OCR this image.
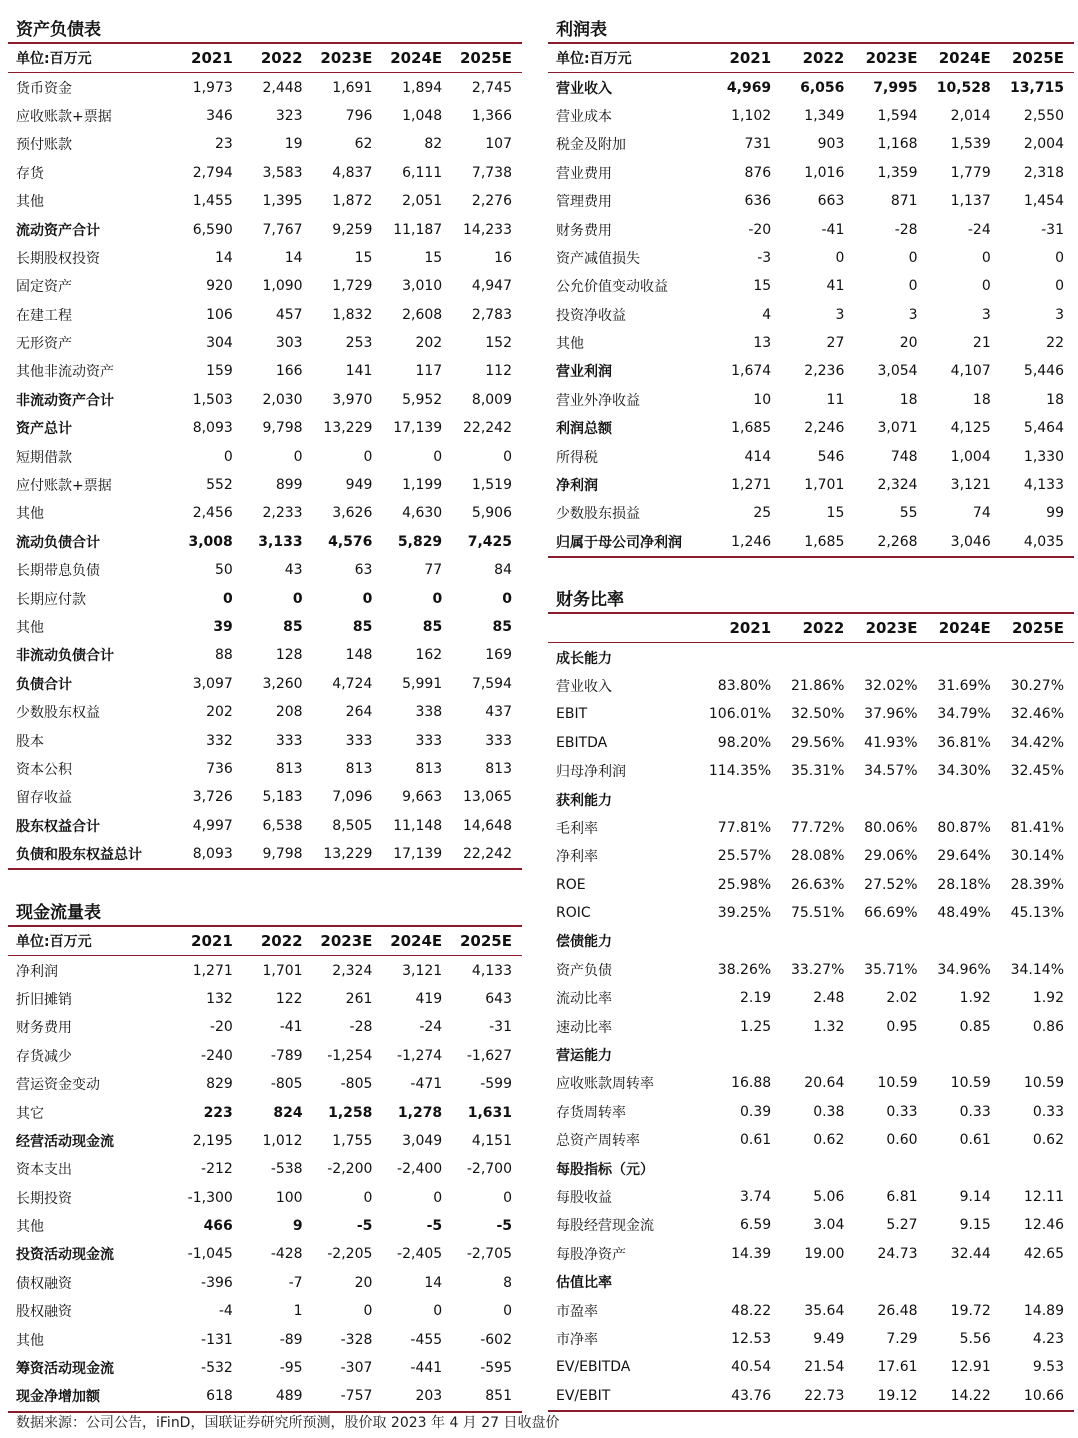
资产负债表
单位:百万元	2021	2022	2023E	2024E	2025E
货币资金	1,973	2,448	1,691	1,894	2,745
应收账款+票据	346	323	796	1,048	1,366
预付账款	23	19	62	82	107
存货	2,794	3,583	4,837	6,111	7,738
其他	1,455	1,395	1,872	2,051	2,276
流动资产合计	6,590	7,767	9,259	11,187	14,233
长期股权投资	14	14	15	15	16
固定资产	920	1,090	1,729	3,010	4,947
在建工程	106	457	1,832	2,608	2,783
无形资产	304	303	253	202	152
其他非流动资产	159	166	141	117	112
非流动资产合计	1,503	2,030	3,970	5,952	8,009
资产总计	8,093	9,798	13,229	17,139	22,242
短期借款	0	0	0	0	0
应付账款+票据	552	899	949	1,199	1,519
其他	2,456	2,233	3,626	4,630	5,906
流动负债合计	3,008	3,133	4,576	5,829	7,425
长期带息负债	50	43	63	77	84
长期应付款	0	0	0	0	0
其他	39	85	85	85	85
非流动负债合计	88	128	148	162	169
负债合计	3,097	3,260	4,724	5,991	7,594
少数股东权益	202	208	264	338	437
股本	332	333	333	333	333
资本公积	736	813	813	813	813
留存收益	3,726	5,183	7,096	9,663	13,065
股东权益合计	4,997	6,538	8,505	11,148	14,648
负债和股东权益总计	8,093	9,798	13,229	17,139	22,242
现金流量表
单位:百万元	2021	2022	2023E	2024E	2025E
净利润	1,271	1,701	2,324	3,121	4,133
折旧摊销	132	122	261	419	643
财务费用	-20	-41	-28	-24	-31
存货减少	-240	-789	-1,254	-1,274	-1,627
营运资金变动	829	-805	-805	-471	-599
其它	223	824	1,258	1,278	1,631
经营活动现金流	2,195	1,012	1,755	3,049	4,151
资本支出	-212	-538	-2,200	-2,400	-2,700
长期投资	-1,300	100	0	0	0
其他	466	9	-5	-5	-5
投资活动现金流	-1,045	-428	-2,205	-2,405	-2,705
债权融资	-396	-7	20	14	8
股权融资	-4	1	0	0	0
其他	-131	-89	-328	-455	-602
筹资活动现金流	-532	-95	-307	-441	-595
现金净增加额	618	489	-757	203	851
利润表
单位:百万元	2021	2022	2023E	2024E	2025E
营业收入	4,969	6,056	7,995	10,528	13,715
营业成本	1,102	1,349	1,594	2,014	2,550
税金及附加	731	903	1,168	1,539	2,004
营业费用	876	1,016	1,359	1,779	2,318
管理费用	636	663	871	1,137	1,454
财务费用	-20	-41	-28	-24	-31
资产减值损失	-3	0	0	0	0
公允价值变动收益	15	41	0	0	0
投资净收益	4	3	3	3	3
其他	13	27	20	21	22
营业利润	1,674	2,236	3,054	4,107	5,446
营业外净收益	10	11	18	18	18
利润总额	1,685	2,246	3,071	4,125	5,464
所得税	414	546	748	1,004	1,330
净利润	1,271	1,701	2,324	3,121	4,133
少数股东损益	25	15	55	74	99
归属于母公司净利润	1,246	1,685	2,268	3,046	4,035
财务比率
	2021	2022	2023E	2024E	2025E
成长能力					
营业收入	83.80%	21.86%	32.02%	31.69%	30.27%
EBIT	106.01%	32.50%	37.96%	34.79%	32.46%
EBITDA	98.20%	29.56%	41.93%	36.81%	34.42%
归母净利润	114.35%	35.31%	34.57%	34.30%	32.45%
获利能力					
毛利率	77.81%	77.72%	80.06%	80.87%	81.41%
净利率	25.57%	28.08%	29.06%	29.64%	30.14%
ROE	25.98%	26.63%	27.52%	28.18%	28.39%
ROIC	39.25%	75.51%	66.69%	48.49%	45.13%
偿债能力					
资产负债	38.26%	33.27%	35.71%	34.96%	34.14%
流动比率	2.19	2.48	2.02	1.92	1.92
速动比率	1.25	1.32	0.95	0.85	0.86
营运能力					
应收账款周转率	16.88	20.64	10.59	10.59	10.59
存货周转率	0.39	0.38	0.33	0.33	0.33
总资产周转率	0.61	0.62	0.60	0.61	0.62
每股指标（元）					
每股收益	3.74	5.06	6.81	9.14	12.11
每股经营现金流	6.59	3.04	5.27	9.15	12.46
每股净资产	14.39	19.00	24.73	32.44	42.65
估值比率					
市盈率	48.22	35.64	26.48	19.72	14.89
市净率	12.53	9.49	7.29	5.56	4.23
EV/EBITDA	40.54	21.54	17.61	12.91	9.53
EV/EBIT	43.76	22.73	19.12	14.22	10.66
数据来源：公司公告，iFinD，国联证券研究所预测，股价取 2023 年 4 月 27 日收盘价
